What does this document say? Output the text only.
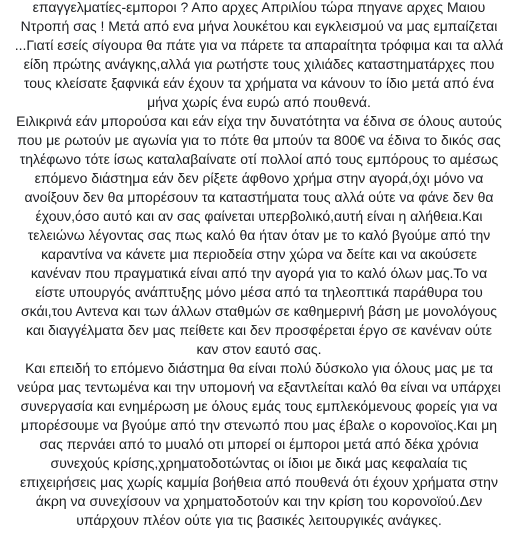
επαγγελματίες-εμποροι ? Απο αρχες Απριλίου τώρα πηγανε αρχες Μαιου
Ντροπή σας ! Μετά από ενα μήνα λουκέτου και εγκλεισμού να μας εμπαίζεται
...Γιατί εσείς σίγουρα θα πάτε για να πάρετε τα απαραίτητα τρόφιμα και τα αλλά
είδη πρώτης ανάγκης,αλλά για ρωτήστε τους χιλιάδες καταστηματάρχες που
τους κλείσατε ξαφνικά εάν έχουν τα χρήματα να κάνουν το ίδιο μετά από ένα
μήνα χωρίς ένα ευρώ από πουθενά.
Ειλικρινά εάν μπορούσα και εάν είχα την δυνατότητα να έδινα σε όλους αυτούς
που με ρωτούν με αγωνία για το πότε θα μπούν τα 800€ να έδινα το δικός σας
τηλέφωνο τότε ίσως καταλαβαίνατε οτί πολλοί από τους εμπόρους το αμέσως
επόμενο διάστημα εάν δεν ρίξετε άφθονο χρήμα στην αγορά,όχι μόνο να
ανοίξουν δεν θα μπορέσουν τα καταστήματα τους αλλά ούτε να φάνε δεν θα
έχουν,όσο αυτό και αν σας φαίνεται υπερβολικό,αυτή είναι η αλήθεια.Και
τελειώνω λέγοντας σας πως καλό θα ήταν όταν με το καλό βγούμε από την
καραντίνα να κάνετε μια περιοδεία στην χώρα να δείτε και να ακούσετε
κανέναν που πραγματικά είναι από την αγορά για το καλό όλων μας.Το να
είστε υπουργός ανάπτυξης μόνο μέσα από τα τηλεοπτικά παράθυρα του
σκάι,του Αντενα και των άλλων σταθμών σε καθημερινή βάση με μονολόγους
και διαγγέλματα δεν μας πείθετε και δεν προσφέρεται έργο σε κανέναν ούτε
καν στον εαυτό σας.
Και επειδή το επόμενο διάστημα θα είναι πολύ δύσκολο για όλους μας με τα
νεύρα μας τεντωμένα και την υπομονή να εξαντλείται καλό θα είναι να υπάρχει
συνεργασία και ενημέρωση με όλους εμάς τους εμπλεκόμενους φορείς για να
μπορέσουμε να βγούμε από την στενωπό που μας έβαλε ο κορονοϊος.Και μη
σας περνάει από το μυαλό οτι μπορεί οι έμποροι μετά από δέκα χρόνια
συνεχούς κρίσης,χρηματοδοτώντας οι ίδιοι με δικά μας κεφαλαία τις
επιχειρήσεις μας χωρίς καμμία βοήθεια από πουθενά ότι έχουν χρήματα στην
άκρη να συνεχίσουν να χρηματοδοτούν και την κρίση του κορονοϊού.Δεν
υπάρχουν πλέον ούτε για τις βασικές λειτουργικές ανάγκες.
